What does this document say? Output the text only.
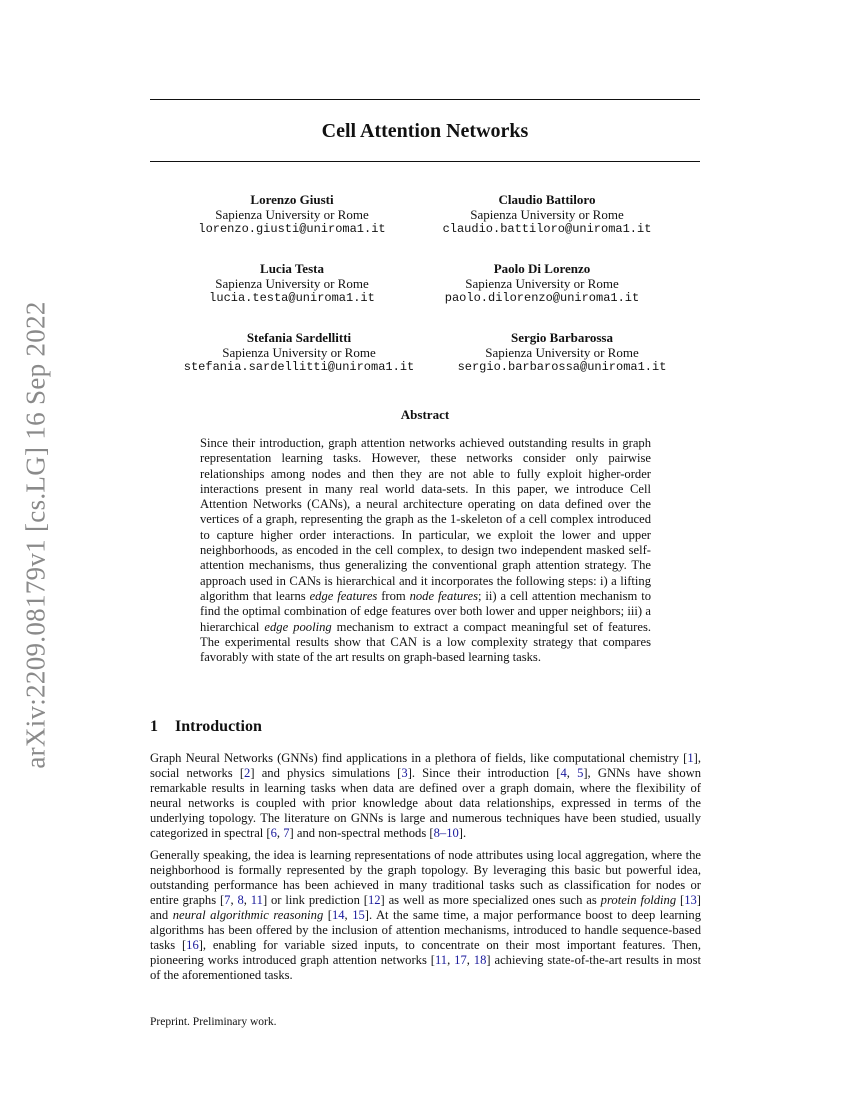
arXiv:2209.08179v1 [cs.LG] 16 Sep 2022
Cell Attention Networks
Lorenzo Giusti
Sapienza University or Rome
lorenzo.giusti@uniroma1.it
Claudio Battiloro
Sapienza University or Rome
claudio.battiloro@uniroma1.it
Lucia Testa
Sapienza University or Rome
lucia.testa@uniroma1.it
Paolo Di Lorenzo
Sapienza University or Rome
paolo.dilorenzo@uniroma1.it
Stefania Sardellitti
Sapienza University or Rome
stefania.sardellitti@uniroma1.it
Sergio Barbarossa
Sapienza University or Rome
sergio.barbarossa@uniroma1.it
Abstract
Since their introduction, graph attention networks achieved outstanding results in graph representation learning tasks. However, these networks consider only pairwise relationships among nodes and then they are not able to fully exploit higher-order interactions present in many real world data-sets. In this paper, we introduce Cell Attention Networks (CANs), a neural architecture operating on data defined over the vertices of a graph, representing the graph as the 1-skeleton of a cell complex introduced to capture higher order interactions. In particular, we exploit the lower and upper neighborhoods, as encoded in the cell complex, to design two independent masked self-attention mechanisms, thus generalizing the conventional graph attention strategy. The approach used in CANs is hierarchical and it incorporates the following steps: i) a lifting algorithm that learns edge features from node features; ii) a cell attention mechanism to find the optimal combination of edge features over both lower and upper neighbors; iii) a hierarchical edge pooling mechanism to extract a compact meaningful set of features. The experimental results show that CAN is a low complexity strategy that compares favorably with state of the art results on graph-based learning tasks.
1 Introduction

Graph Neural Networks (GNNs) find applications in a plethora of fields, like computational chemistry [1], social networks [2] and physics simulations [3]. Since their introduction [4, 5], GNNs have shown remarkable results in learning tasks when data are defined over a graph domain, where the flexibility of neural networks is coupled with prior knowledge about data relationships, expressed in terms of the underlying topology. The literature on GNNs is large and numerous techniques have been studied, usually categorized in spectral [6, 7] and non-spectral methods [8–10].

Generally speaking, the idea is learning representations of node attributes using local aggregation, where the neighborhood is formally represented by the graph topology. By leveraging this basic but powerful idea, outstanding performance has been achieved in many traditional tasks such as classification for nodes or entire graphs [7, 8, 11] or link prediction [12] as well as more specialized ones such as protein folding [13] and neural algorithmic reasoning [14, 15]. At the same time, a major performance boost to deep learning algorithms has been offered by the inclusion of attention mechanisms, introduced to handle sequence-based tasks [16], enabling for variable sized inputs, to concentrate on their most important features. Then, pioneering works introduced graph attention networks [11, 17, 18] achieving state-of-the-art results in most of the aforementioned tasks.

Preprint. Preliminary work.
